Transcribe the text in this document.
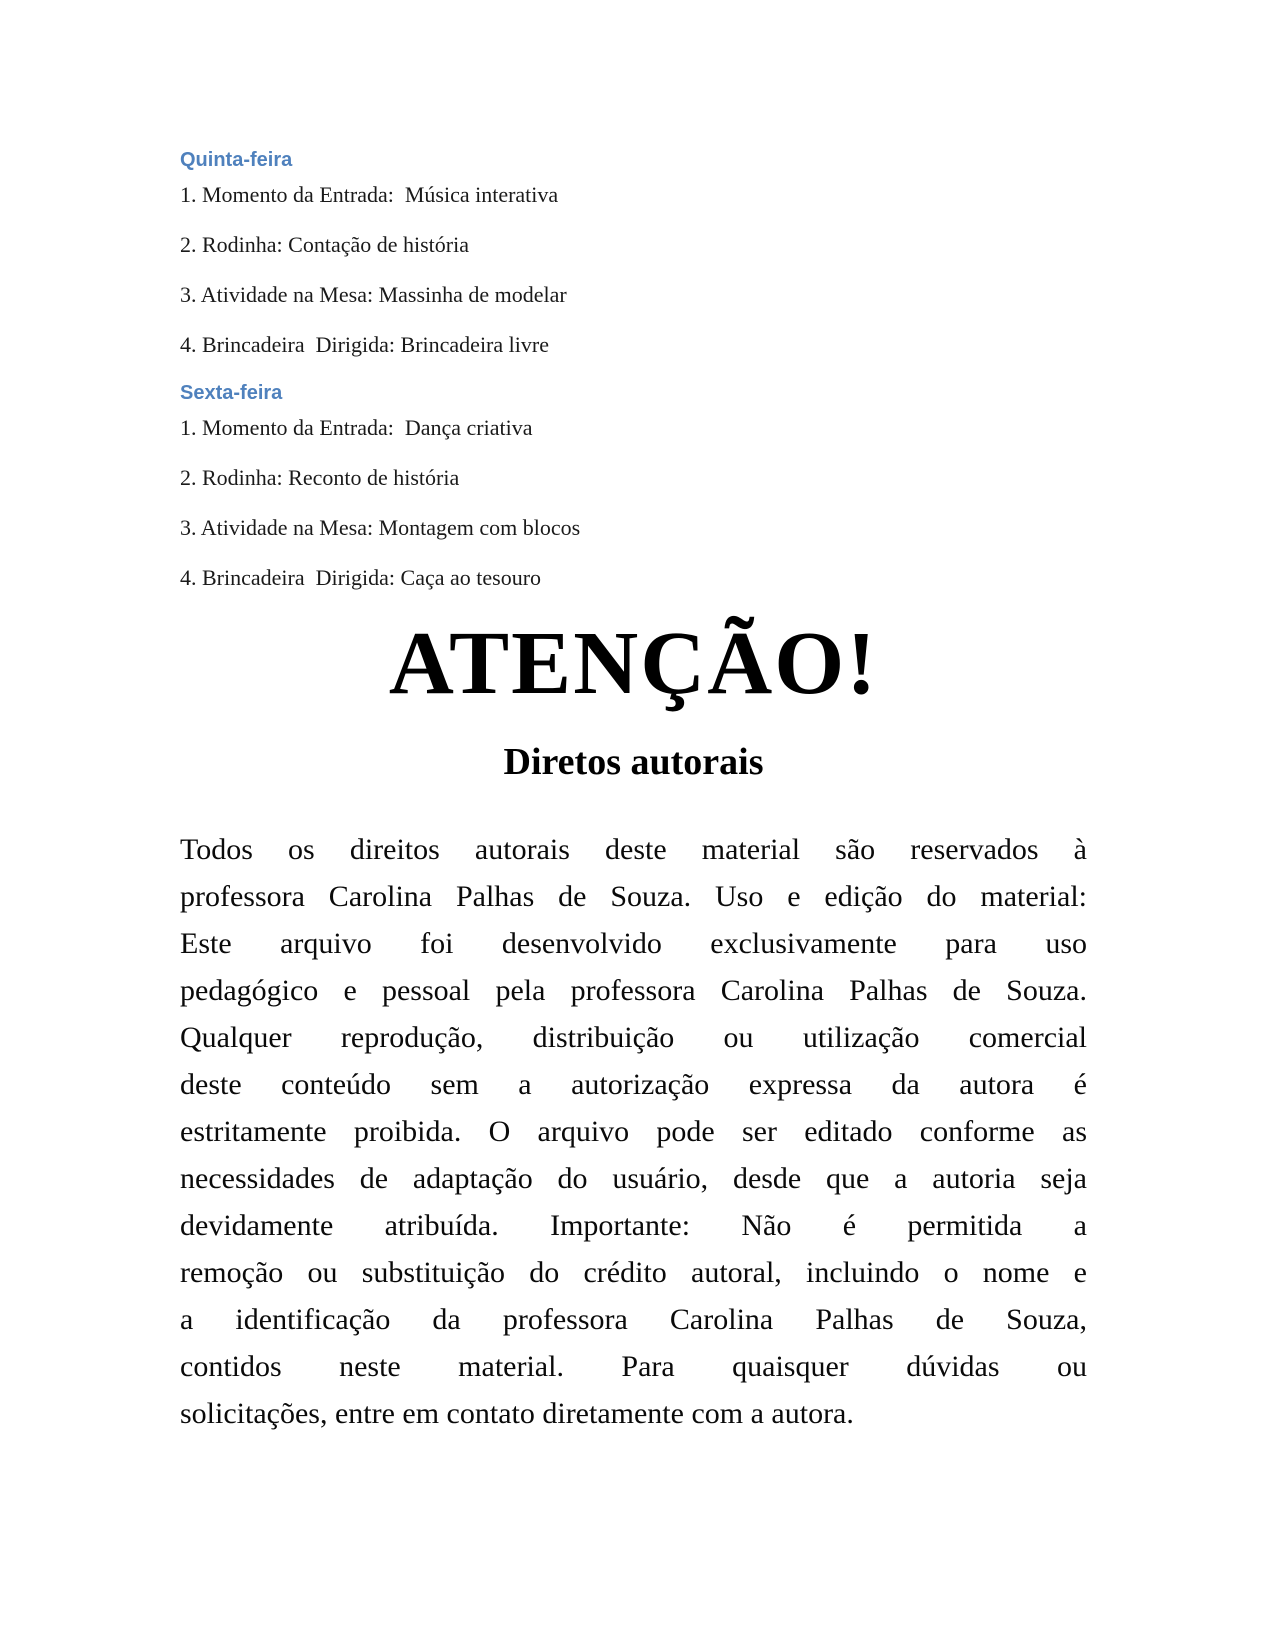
Quinta-feira

1. Momento da Entrada:  Música interativa

2. Rodinha: Contação de história

3. Atividade na Mesa: Massinha de modelar

4. Brincadeira  Dirigida: Brincadeira livre

Sexta-feira

1. Momento da Entrada:  Dança criativa

2. Rodinha: Reconto de história

3. Atividade na Mesa: Montagem com blocos

4. Brincadeira  Dirigida: Caça ao tesouro

ATENÇÃO!
Diretos autorais
Todos os direitos autorais deste material são reservados à
professora Carolina Palhas de Souza. Uso e edição do material:
Este arquivo foi desenvolvido exclusivamente para uso
pedagógico e pessoal pela professora Carolina Palhas de Souza.
Qualquer reprodução, distribuição ou utilização comercial
deste conteúdo sem a autorização expressa da autora é
estritamente proibida. O arquivo pode ser editado conforme as
necessidades de adaptação do usuário, desde que a autoria seja
devidamente atribuída. Importante: Não é permitida a
remoção ou substituição do crédito autoral, incluindo o nome e
a identificação da professora Carolina Palhas de Souza,
contidos neste material. Para quaisquer dúvidas ou
solicitações, entre em contato diretamente com a autora.
